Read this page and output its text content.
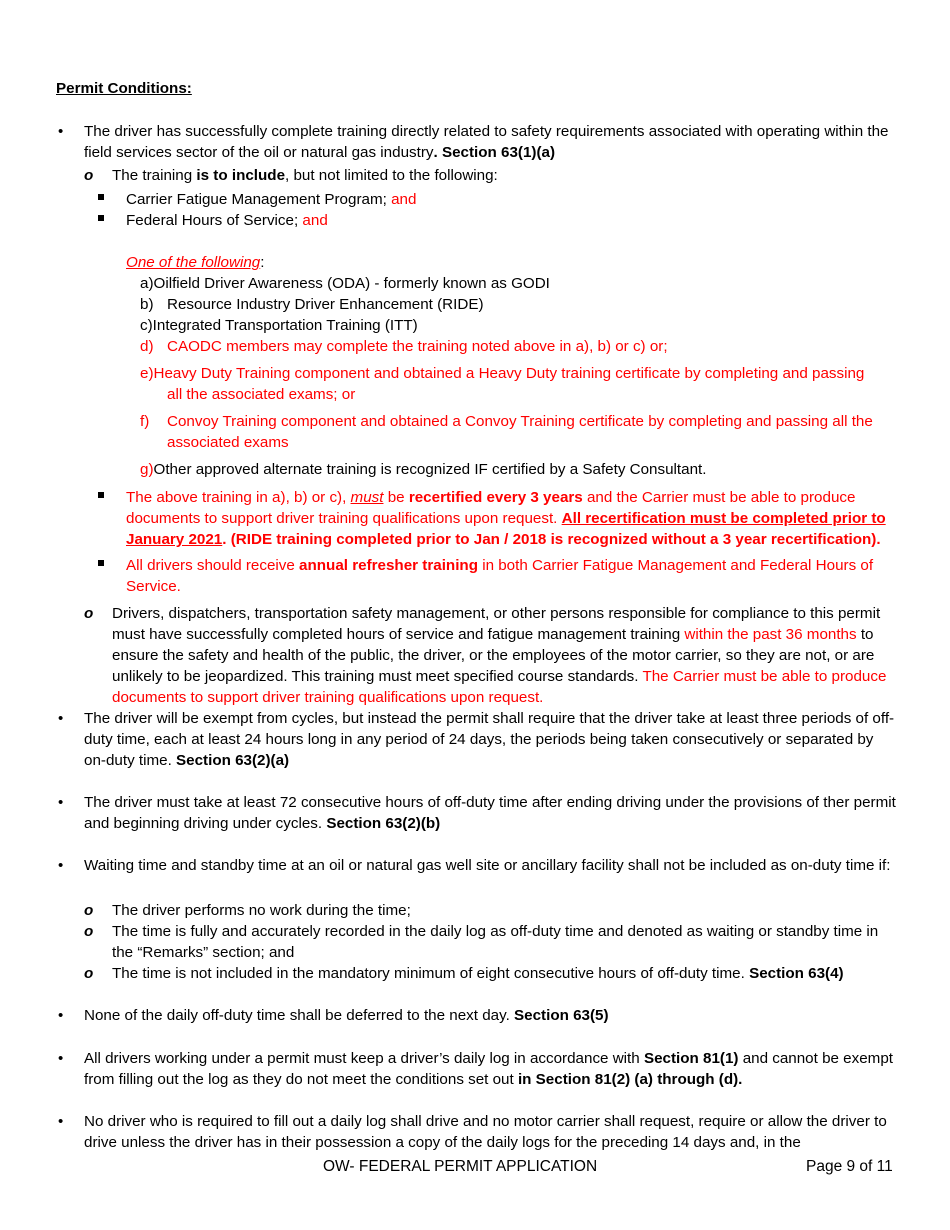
Permit Conditions:
•	The driver has successfully complete training directly related to safety requirements associated with operating within the field services sector of the oil or natural gas industry. Section 63(1)(a)
o The training is to include, but not limited to the following:
Carrier Fatigue Management Program; and
Federal Hours of Service; and
One of the following:
a)Oilfield Driver Awareness (ODA) - formerly known as GODI
b) Resource Industry Driver Enhancement (RIDE)
c)Integrated Transportation Training (ITT)
d) CAODC members may complete the training noted above in a), b) or c) or;
e)Heavy Duty Training component and obtained a Heavy Duty training certificate by completing and passing
all the associated exams; or
f) Convoy Training component and obtained a Convoy Training certificate by completing and passing all the
associated exams
g)Other approved alternate training is recognized IF certified by a Safety Consultant.
The above training in a), b) or c), must be recertified every 3 years and the Carrier must be able to produce documents to support driver training qualifications upon request. All recertification must be completed prior to January 2021. (RIDE training completed prior to Jan / 2018 is recognized without a 3 year recertification).
All drivers should receive annual refresher training in both Carrier Fatigue Management and Federal Hours of Service.
o Drivers, dispatchers, transportation safety management, or other persons responsible for compliance to this permit must have successfully completed hours of service and fatigue management training within the past 36 months to ensure the safety and health of the public, the driver, or the employees of the motor carrier, so they are not, or are unlikely to be jeopardized. This training must meet specified course standards. The Carrier must be able to produce documents to support driver training qualifications upon request.
•	The driver will be exempt from cycles, but instead the permit shall require that the driver take at least three periods of off-duty time, each at least 24 hours long in any period of 24 days, the periods being taken consecutively or separated by on-duty time. Section 63(2)(a)
•	The driver must take at least 72 consecutive hours of off-duty time after ending driving under the provisions of ther permit and beginning driving under cycles. Section 63(2)(b)
•	Waiting time and standby time at an oil or natural gas well site or ancillary facility shall not be included as on-duty time if:
o The driver performs no work during the time;
o The time is fully and accurately recorded in the daily log as off-duty time and denoted as waiting or standby time in the “Remarks” section; and
o The time is not included in the mandatory minimum of eight consecutive hours of off-duty time. Section 63(4)
•	None of the daily off-duty time shall be deferred to the next day. Section 63(5)
•	All drivers working under a permit must keep a driver’s daily log in accordance with Section 81(1) and cannot be exempt from filling out the log as they do not meet the conditions set out in Section 81(2) (a) through (d).
•	No driver who is required to fill out a daily log shall drive and no motor carrier shall request, require or allow the driver to drive unless the driver has in their possession a copy of the daily logs for the preceding 14 days and, in the
OW- FEDERAL PERMIT APPLICATION	Page 9 of 11
